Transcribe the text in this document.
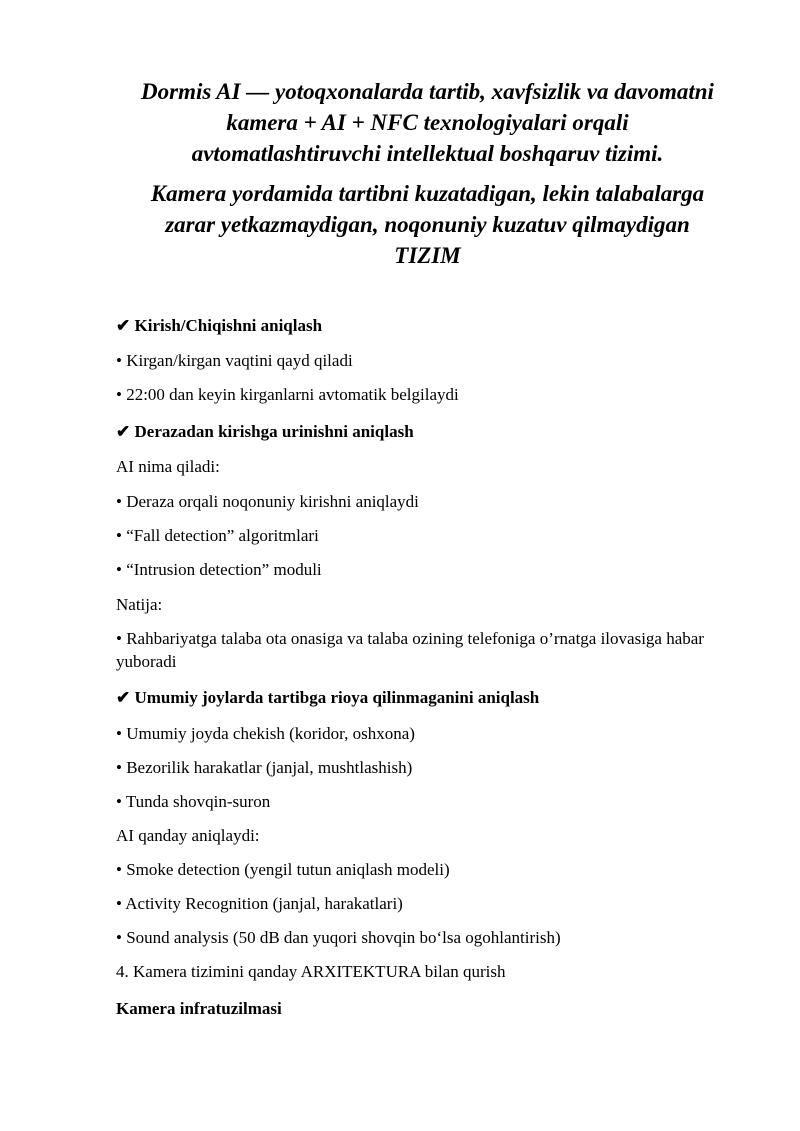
Dormis AI — yotoqxonalarda tartib, xavfsizlik va davomatni
kamera + AI + NFC texnologiyalari orqali
avtomatlashtiruvchi intellektual boshqaruv tizimi.
Kamera yordamida tartibni kuzatadigan, lekin talabalarga
zarar yetkazmaydigan, noqonuniy kuzatuv qilmaydigan
TIZIM
✔ Kirish/Chiqishni aniqlash
• Kirgan/kirgan vaqtini qayd qiladi
• 22:00 dan keyin kirganlarni avtomatik belgilaydi
✔ Derazadan kirishga urinishni aniqlash
AI nima qiladi:
• Deraza orqali noqonuniy kirishni aniqlaydi
• “Fall detection” algoritmlari
• “Intrusion detection” moduli
Natija:
• Rahbariyatga talaba ota onasiga va talaba ozining telefoniga o’rnatga ilovasiga habar yuboradi
✔ Umumiy joylarda tartibga rioya qilinmaganini aniqlash
• Umumiy joyda chekish (koridor, oshxona)
• Bezorilik harakatlar (janjal, mushtlashish)
• Tunda shovqin-suron
AI qanday aniqlaydi:
• Smoke detection (yengil tutun aniqlash modeli)
• Activity Recognition (janjal, harakatlari)
• Sound analysis (50 dB dan yuqori shovqin bo‘lsa ogohlantirish)
4. Kamera tizimini qanday ARXITEKTURA bilan qurish
Kamera infratuzilmasi
